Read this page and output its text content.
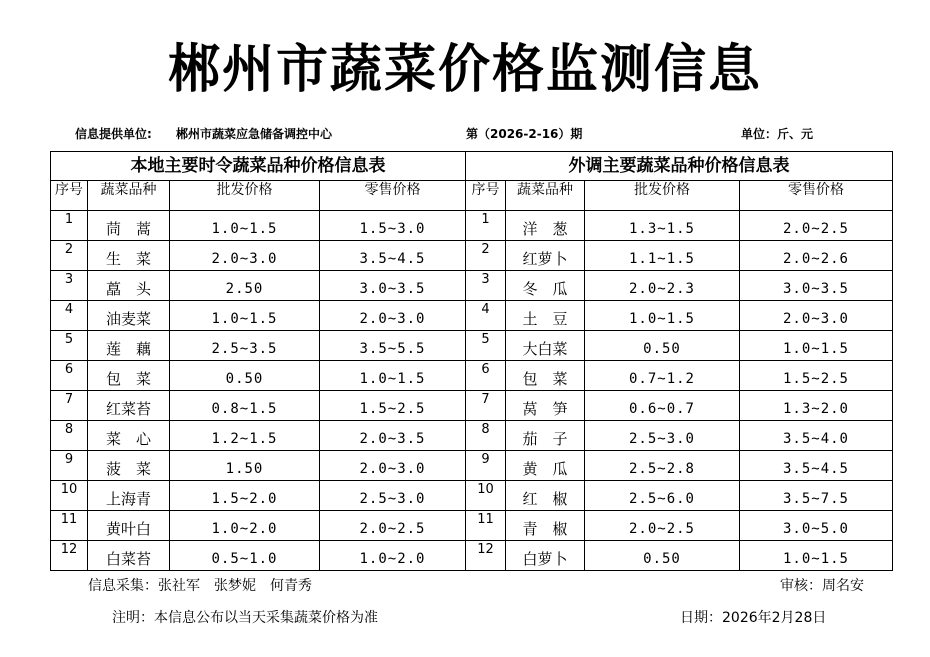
郴州市蔬菜价格监测信息
信息提供单位: 郴州市蔬菜应急储备调控中心	第（2026-2-16）期	单位：斤、元
本地主要时令蔬菜品种价格信息表				外调主要蔬菜品种价格信息表			
序号	蔬菜品种	批发价格	零售价格	序号	蔬菜品种	批发价格	零售价格
1	茼　蒿	1.0~1.5	1.5~3.0	1	洋　葱	1.3~1.5	2.0~2.5
2	生　菜	2.0~3.0	3.5~4.5	2	红萝卜	1.1~1.5	2.0~2.6
3	藠　头	2.50	3.0~3.5	3	冬　瓜	2.0~2.3	3.0~3.5
4	油麦菜	1.0~1.5	2.0~3.0	4	土　豆	1.0~1.5	2.0~3.0
5	莲　藕	2.5~3.5	3.5~5.5	5	大白菜	0.50	1.0~1.5
6	包　菜	0.50	1.0~1.5	6	包　菜	0.7~1.2	1.5~2.5
7	红菜苔	0.8~1.5	1.5~2.5	7	莴　笋	0.6~0.7	1.3~2.0
8	菜　心	1.2~1.5	2.0~3.5	8	茄　子	2.5~3.0	3.5~4.0
9	菠　菜	1.50	2.0~3.0	9	黄　瓜	2.5~2.8	3.5~4.5
10	上海青	1.5~2.0	2.5~3.0	10	红　椒	2.5~6.0	3.5~7.5
11	黄叶白	1.0~2.0	2.0~2.5	11	青　椒	2.0~2.5	3.0~5.0
12	白菜苔	0.5~1.0	1.0~2.0	12	白萝卜	0.50	1.0~1.5
信息采集：张社军　张梦妮　何青秀	审核：周名安
注明：本信息公布以当天采集蔬菜价格为准	日期：2026年2月28日
